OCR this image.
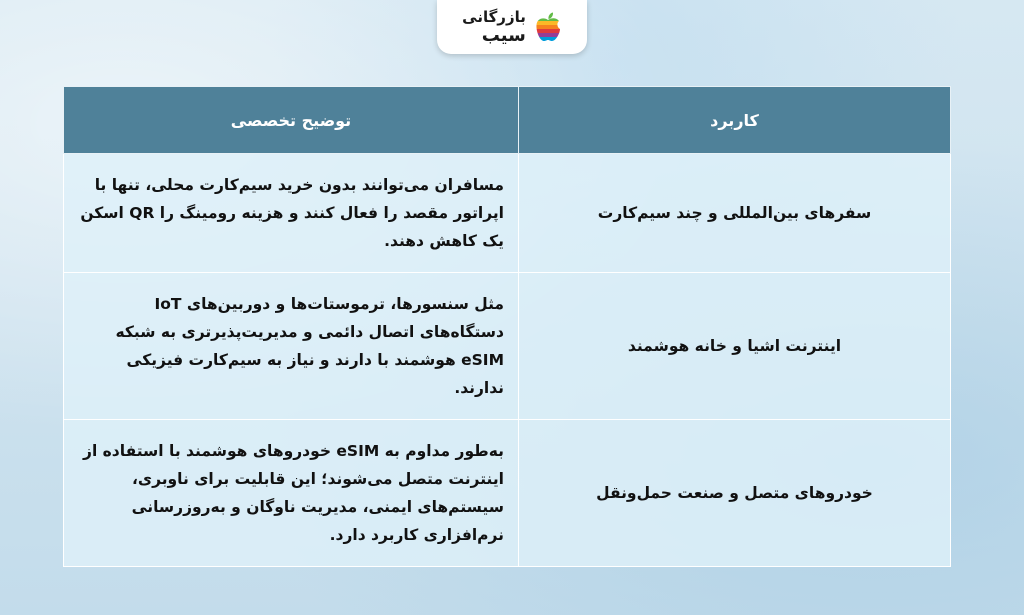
بازرگانی
سیب
کاربرد	توضیح تخصصی
سفرهای بین‌المللی و چند سیم‌کارت	مسافران می‌توانند بدون خرید سیم‌کارت محلی، تنها با اپراتور مقصد را فعال کنند و هزینه رومینگ را QR اسکن یک کاهش دهند.
اینترنت اشیا و خانه هوشمند	مثل سنسورها، ترموستات‌ها و دوربین‌های IoT دستگاه‌های اتصال دائمی و مدیریت‌پذیرتری به شبکه eSIM هوشمند با دارند و نیاز به سیم‌کارت فیزیکی ندارند.
خودروهای متصل و صنعت حمل‌ونقل	به‌طور مداوم به eSIM خودروهای هوشمند با استفاده از اینترنت متصل می‌شوند؛ این قابلیت برای ناوبری، سیستم‌های ایمنی، مدیریت ناوگان و به‌روزرسانی نرم‌افزاری کاربرد دارد.
